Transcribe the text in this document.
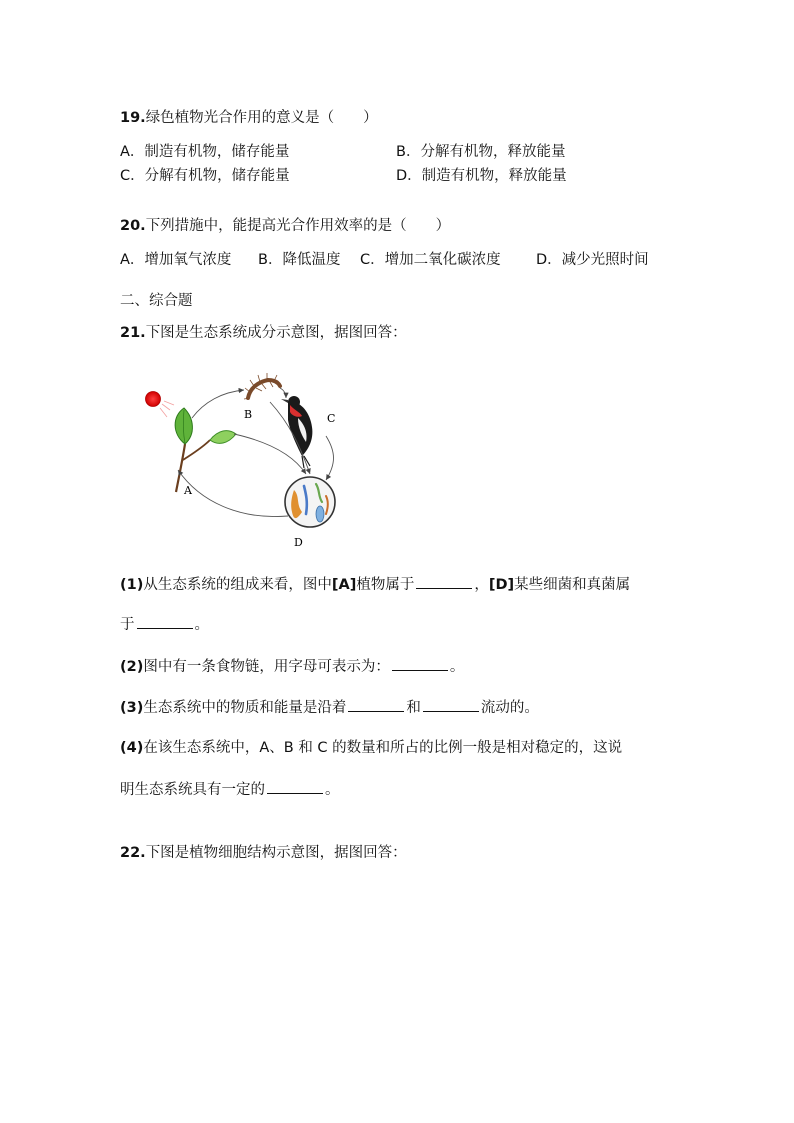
19.绿色植物光合作用的意义是（　　）
A．制造有机物，储存能量	B．分解有机物，释放能量
C．分解有机物，储存能量	D．制造有机物，释放能量
20.下列措施中，能提高光合作用效率的是（　　）
A．增加氧气浓度 B．降低温度 C．增加二氧化碳浓度 D．减少光照时间
二、综合题
21.下图是生态系统成分示意图，据图回答：
A
B	C
D
(1)从生态系统的组成来看，图中[A]植物属于	，[D]某些细菌和真菌属
于	。
(2)图中有一条食物链，用字母可表示为：	。
(3)生态系统中的物质和能量是沿着	和	流动的。
(4)在该生态系统中，A、B 和 C 的数量和所占的比例一般是相对稳定的，这说
明生态系统具有一定的	。
22.下图是植物细胞结构示意图，据图回答：
